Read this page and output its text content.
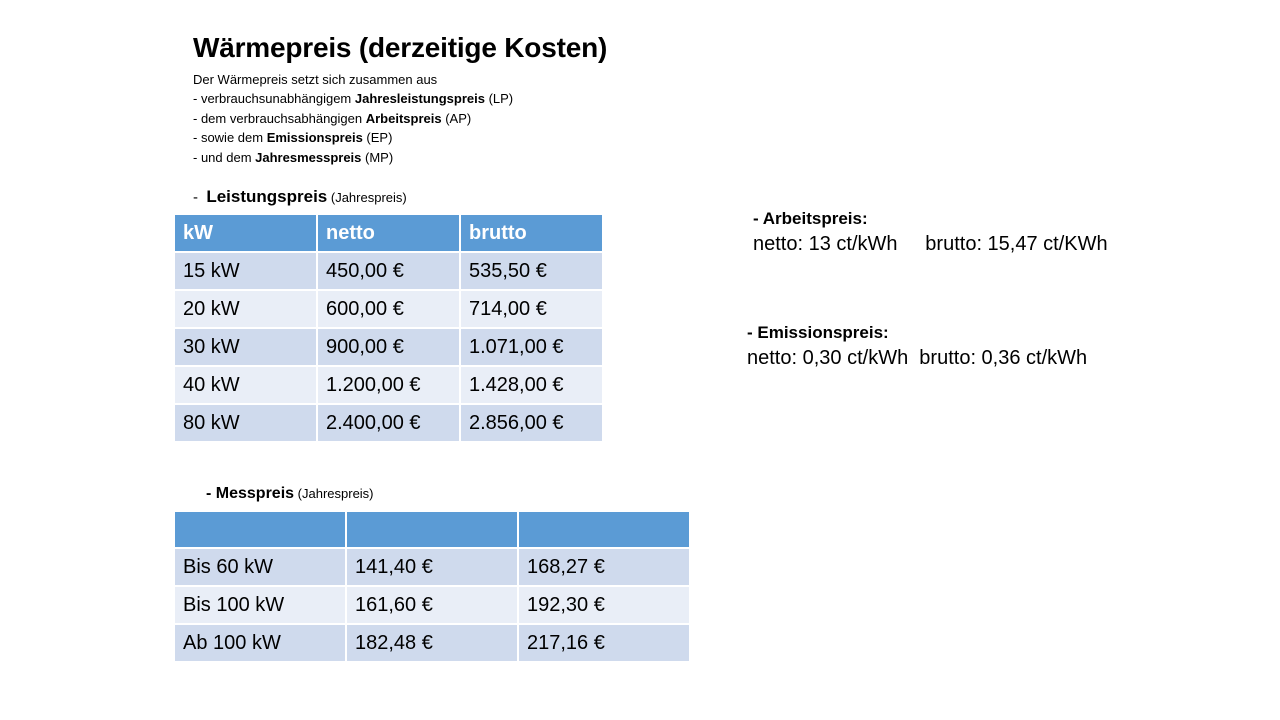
Wärmepreis (derzeitige Kosten)
Der Wärmepreis setzt sich zusammen aus
- verbrauchsunabhängigem Jahresleistungspreis (LP)
- dem verbrauchsabhängigen Arbeitspreis (AP)
- sowie dem Emissionspreis (EP)
- und dem Jahresmesspreis (MP)
-  Leistungspreis (Jahrespreis)
kW	netto	brutto
15 kW	450,00 €	535,50 €
20 kW	600,00 €	714,00 €
30 kW	900,00 €	1.071,00 €
40 kW	1.200,00 €	1.428,00 €
80 kW	2.400,00 €	2.856,00 €
- Messpreis (Jahrespreis)

Bis 60 kW	141,40 €	168,27 €
Bis 100 kW	161,60 €	192,30 €
Ab 100 kW	182,48 €	217,16 €
- Arbeitspreis:
netto: 13 ct/kWh     brutto: 15,47 ct/KWh
- Emissionspreis:
netto: 0,30 ct/kWh  brutto: 0,36 ct/kWh
